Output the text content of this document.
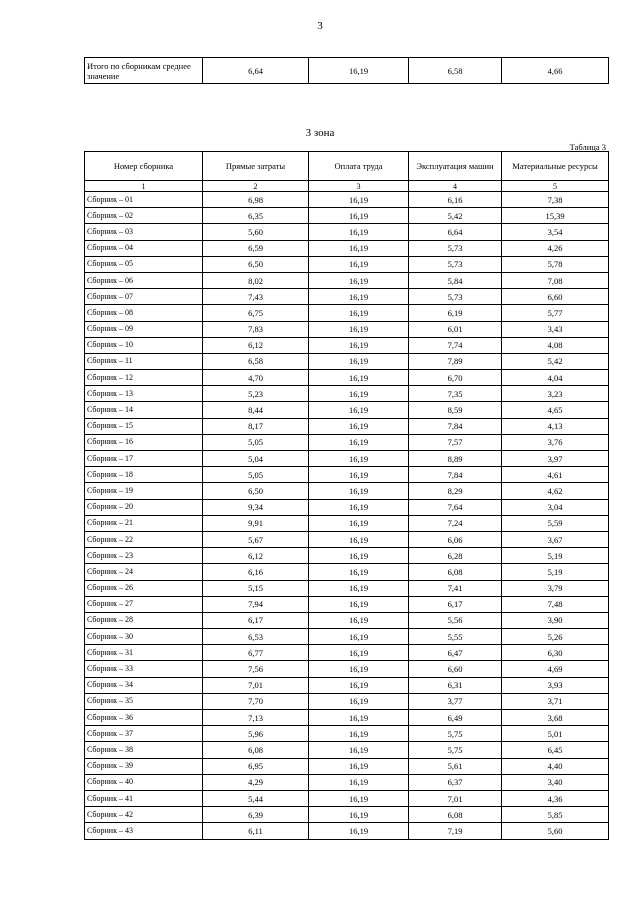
3
Итого по сборникам среднее значение	6,64	16,19	6,58	4,66
3 зона
Таблица 3
Номер сборника	Прямые затраты	Оплата труда	Эксплуатация машин	Материальные ресурсы
1	2	3	4	5
Сборник – 01	6,98	16,19	6,16	7,38
Сборник – 02	6,35	16,19	5,42	15,39
Сборник – 03	5,60	16,19	6,64	3,54
Сборник – 04	6,59	16,19	5,73	4,26
Сборник – 05	6,50	16,19	5,73	5,78
Сборник – 06	8,02	16,19	5,84	7,08
Сборник – 07	7,43	16,19	5,73	6,60
Сборник – 08	6,75	16,19	6,19	5,77
Сборник – 09	7,83	16,19	6,01	3,43
Сборник – 10	6,12	16,19	7,74	4,08
Сборник – 11	6,58	16,19	7,89	5,42
Сборник – 12	4,70	16,19	6,70	4,04
Сборник – 13	5,23	16,19	7,35	3,23
Сборник – 14	8,44	16,19	8,59	4,65
Сборник – 15	8,17	16,19	7,84	4,13
Сборник – 16	5,05	16,19	7,57	3,76
Сборник – 17	5,04	16,19	8,89	3,97
Сборник – 18	5,05	16,19	7,84	4,61
Сборник – 19	6,50	16,19	8,29	4,62
Сборник – 20	9,34	16,19	7,64	3,04
Сборник – 21	9,91	16,19	7,24	5,59
Сборник – 22	5,67	16,19	6,06	3,67
Сборник – 23	6,12	16,19	6,28	5,19
Сборник – 24	6,16	16,19	6,08	5,19
Сборник – 26	5,15	16,19	7,41	3,79
Сборник – 27	7,94	16,19	6,17	7,48
Сборник – 28	6,17	16,19	5,56	3,90
Сборник – 30	6,53	16,19	5,55	5,26
Сборник – 31	6,77	16,19	6,47	6,30
Сборник – 33	7,56	16,19	6,60	4,69
Сборник – 34	7,01	16,19	6,31	3,93
Сборник – 35	7,70	16,19	3,77	3,71
Сборник – 36	7,13	16,19	6,49	3,68
Сборник – 37	5,96	16,19	5,75	5,01
Сборник – 38	6,08	16,19	5,75	6,45
Сборник – 39	6,95	16,19	5,61	4,40
Сборник – 40	4,29	16,19	6,37	3,40
Сборник – 41	5,44	16,19	7,01	4,36
Сборник – 42	6,39	16,19	6,08	5,85
Сборник – 43	6,11	16,19	7,19	5,60
